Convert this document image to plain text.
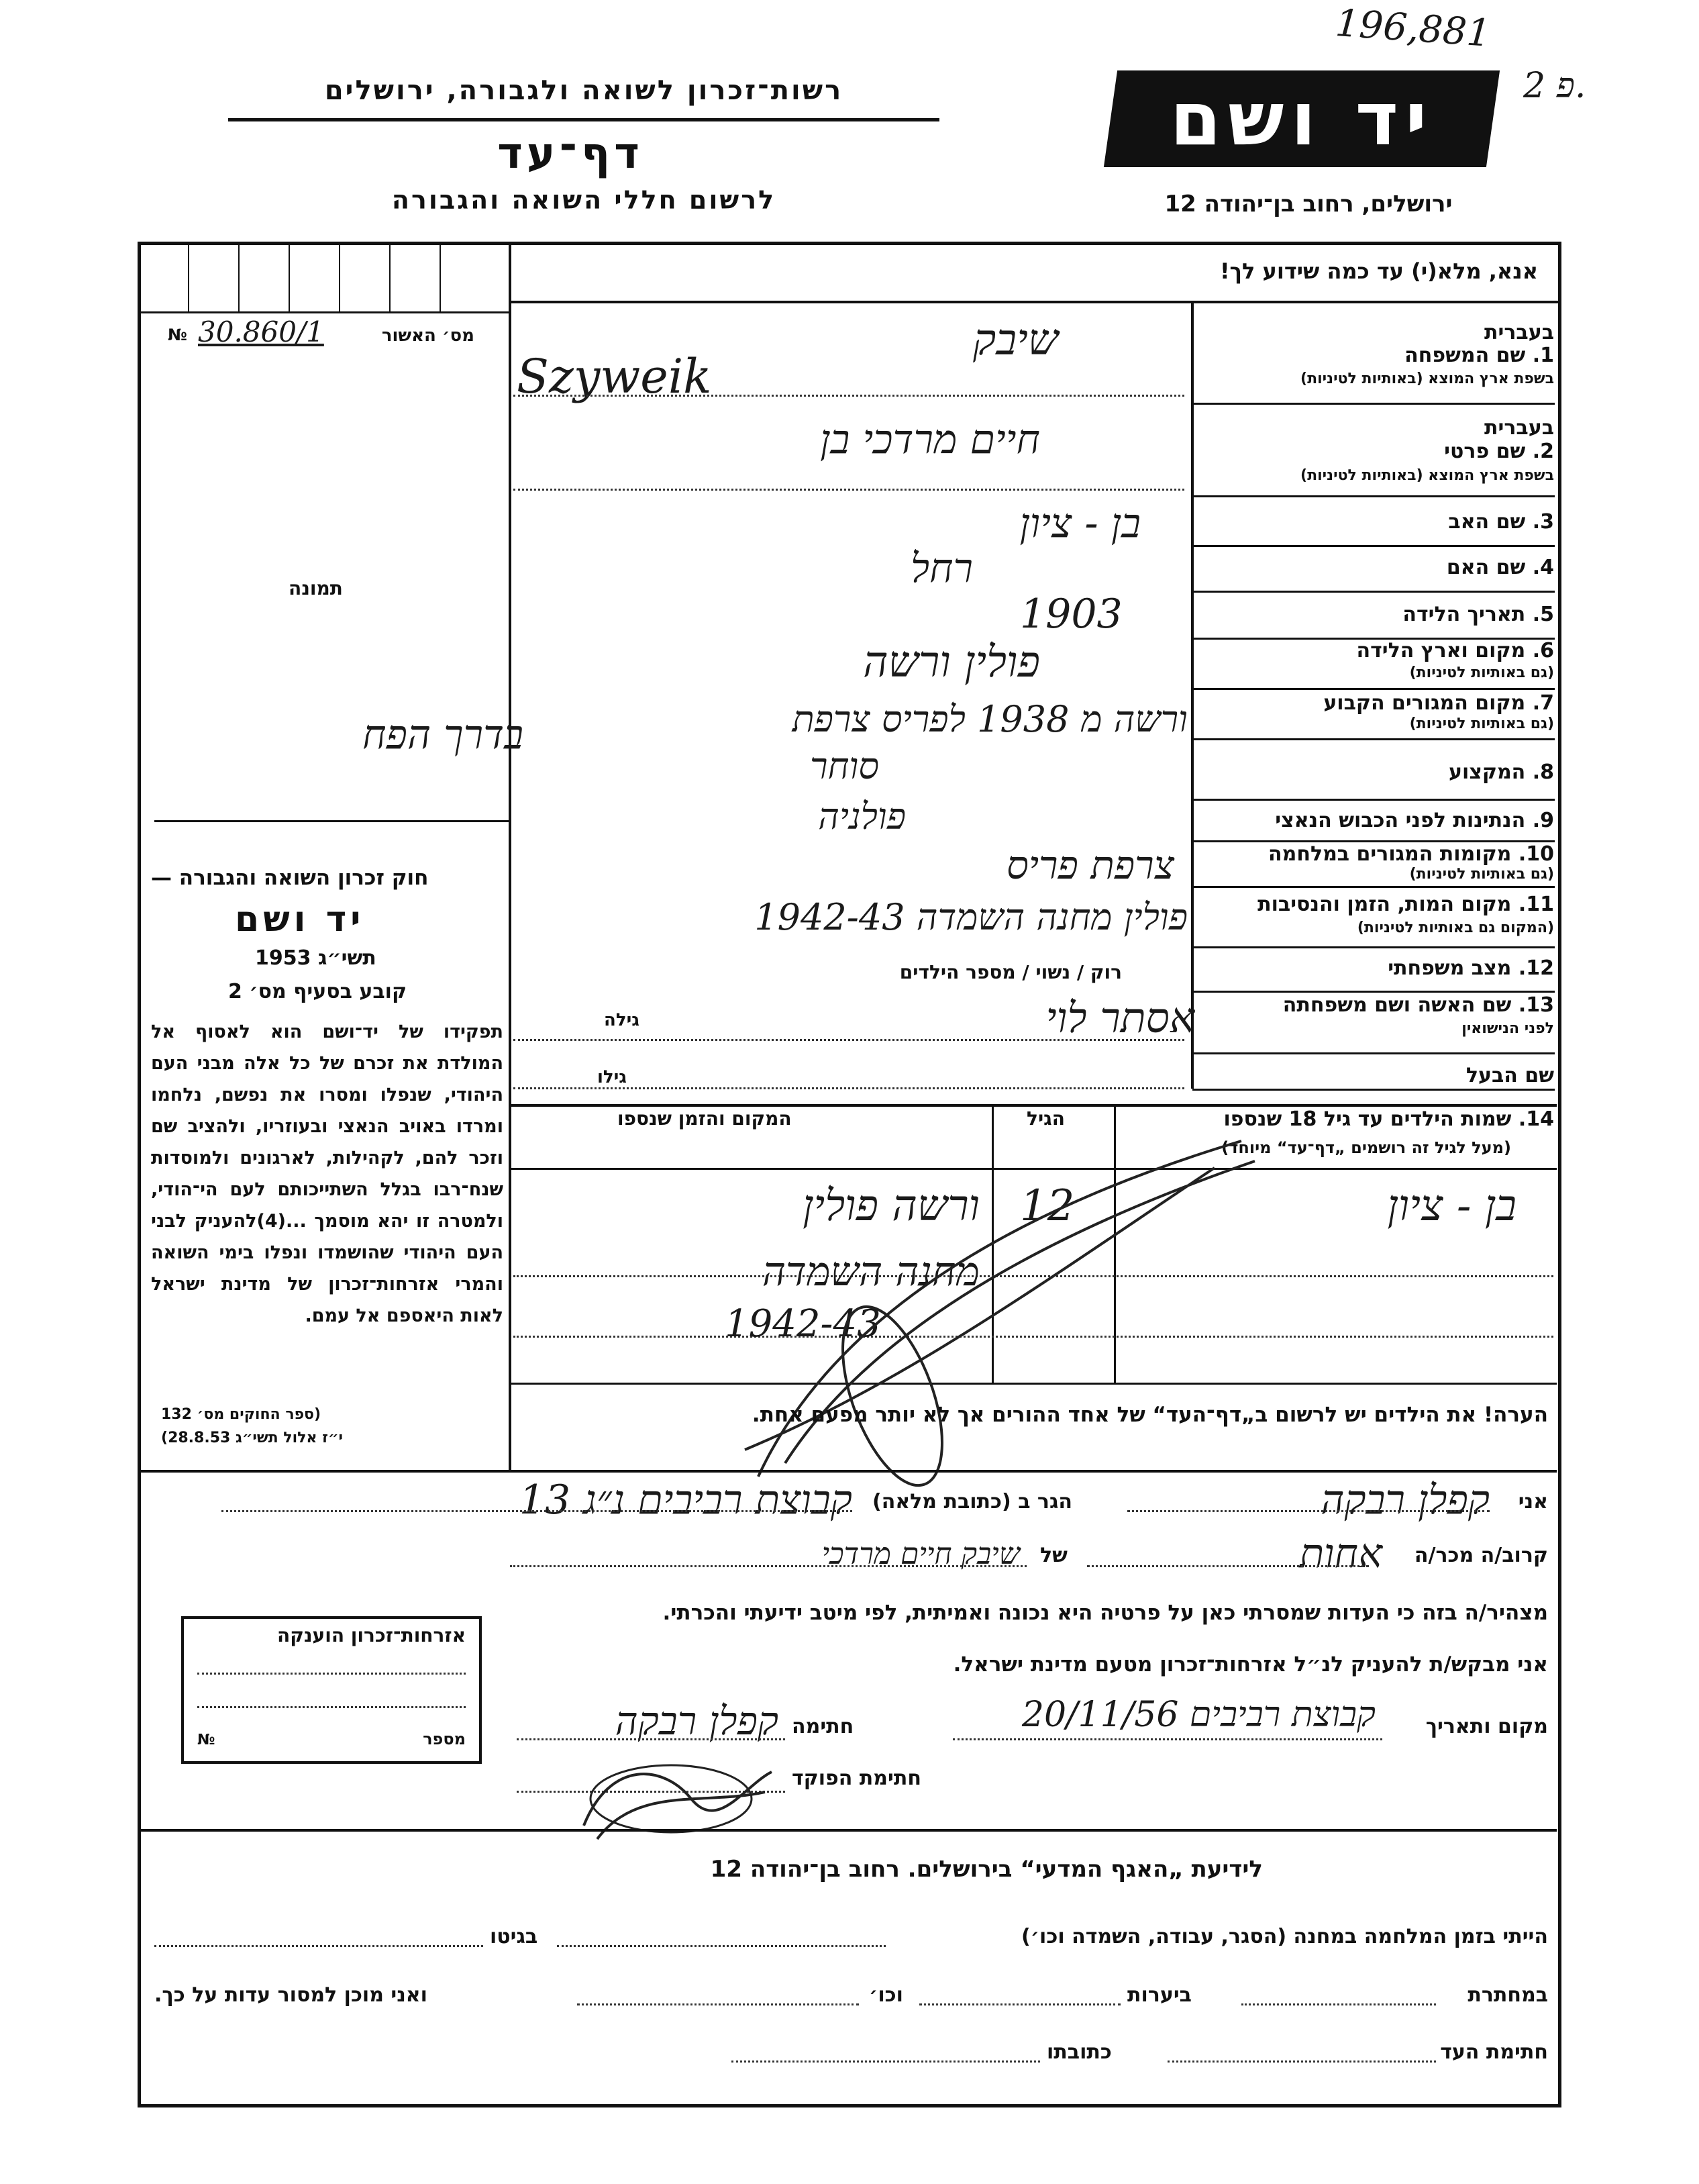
196,881
2 פ.
רשות־זכרון לשואה ולגבורה, ירושלים
דף־עד
לרשום חללי השואה והגבורה
יד ושם
ירושלים, רחוב בן־יהודה 12
אנא, מלא(י) עד כמה שידוע לך!
מס׳ האשור
30.860/1
№
תמונה
חוק זכרון השואה והגבורה —
יד ושם
תשי״ג 1953
קובע בסעיף מס׳ 2
תפקידו של יד־ושם הוא לאסוף אל המולדת את זכרם של כל אלה מבני העם היהודי, שנפלו ומסרו את נפשם, נלחמו ומרדו באויב הנאצי ובעוזריו, ולהציב שם וזכר להם, לקהילות, לארגונים ולמוסדות שנח־רבו בגלל השתייכותם לעם הי־הודי, ולמטרה זו יהא מוסמך ...(4)להעניק לבני העם היהודי שהושמדו ונפלו בימי השואה והמרי אזרחות־זכרון של מדינת ישראל לאות היאספם אל עמם.
(ספר החוקים מס׳ 132
י״ז אלול תשי״ג 28.8.53)
בדרך הפח
בעברית
1. שם המשפחה
בשפת ארץ המוצא (באותיות לטיניות)
שיבק
Szyweik
בעברית
2. שם פרטי
בשפת ארץ המוצא (באותיות לטיניות)
חיים מרדכי בן
3. שם האב
בן - ציון
4. שם האם
רחל
5. תאריך הלידה
1903
6. מקום וארץ הלידה
(גם באותיות לטיניות)
פולין ורשה
7. מקום המגורים הקבוע
(גם באותיות לטיניות)
ורשה מ 1938 לפריס צרפת
8. המקצוע
סוחר
9. הנתינות לפני הכבוש הנאצי
פולניה
10. מקומות המגורים במלחמה
(גם באותיות לטיניות)
צרפת פריס
11. מקום המות, הזמן והנסיבות
(המקום גם באותיות לטיניות)
פולין מחנה השמדה 1942-43
12. מצב משפחתי
רוק / נשוי / מספר הילדים
13. שם האשה ושם משפחתה
לפני הנישואין
אסתר לוי
גילה
שם הבעל
גילו
14. שמות הילדים עד גיל 18 שנספו
(מעל לגיל זה רושמים „דף־עד“ מיוחד)
הגיל
המקום והזמן שנספו
בן - ציון
12
ורשה פולין
מחנה השמדה
1942-43
הערה! את הילדים יש לרשום ב„דף־העד“ של אחד ההורים אך לא יותר מפעם אחת.
אני
קפלן רבקה
הגר ב (כתובת מלאה)
קבוצת רביבים נ״ג 13
קרוב/ה מכר/ה
אחות
של
שיבק חיים מרדכי
מצהיר/ה בזה כי העדות שמסרתי כאן על פרטיה היא נכונה ואמיתית, לפי מיטב ידיעתי והכרתי.
אני מבקש/ת להעניק לנ״ל אזרחות־זכרון מטעם מדינת ישראל.
מקום ותאריך
קבוצת רביבים 20/11/56
חתימה
קפלן רבקה
חתימת הפוקד
אזרחות־זכרון הוענקה
מספר
№
לידיעת „האגף המדעי“ בירושלים. רחוב בן־יהודה 12
הייתי בזמן המלחמה במחנה (הסגר, עבודה, השמדה וכו׳)
בגיטו
במחתרת
ביערות
וכו׳
ואני מוכן למסור עדות על כך.
חתימת העד
כתובתו
